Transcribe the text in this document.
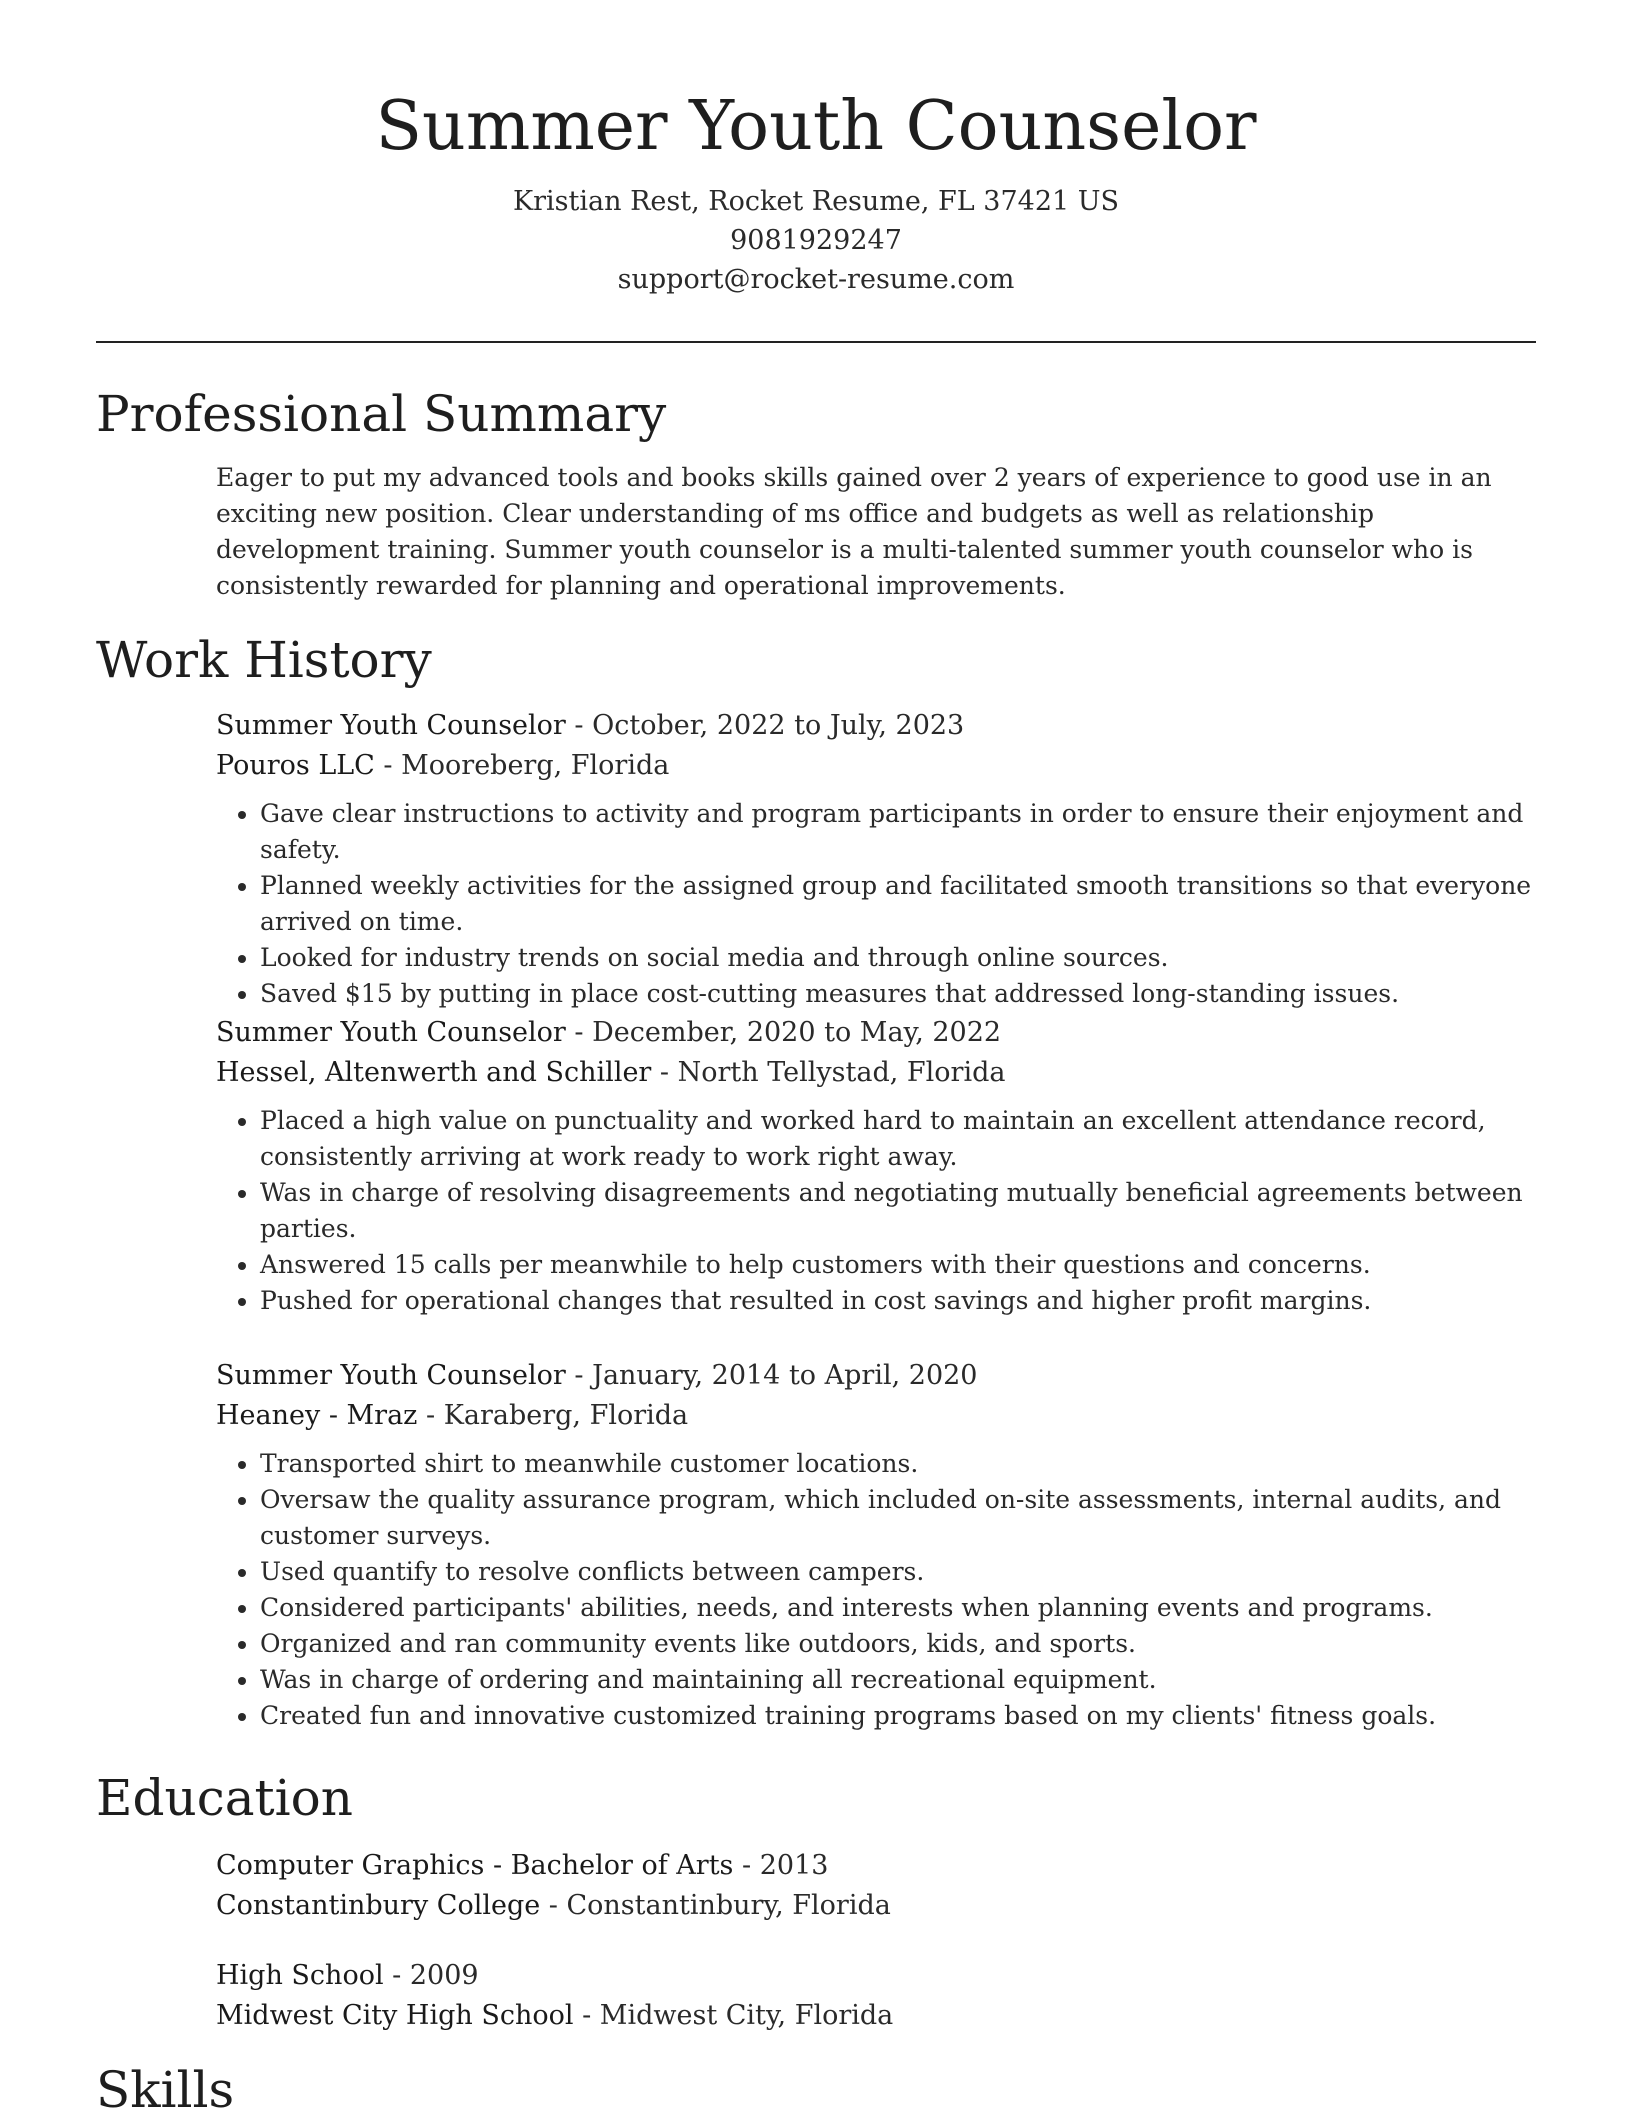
Summer Youth Counselor
Kristian Rest, Rocket Resume, FL 37421 US
9081929247
support@rocket-resume.com
Professional Summary

Eager to put my advanced tools and books skills gained over 2 years of experience to good use in an exciting new position. Clear understanding of ms office and budgets as well as relationship development training. Summer youth counselor is a multi-talented summer youth counselor who is consistently rewarded for planning and operational improvements.

Work History
Summer Youth Counselor - October, 2022 to July, 2023
Pouros LLC - Mooreberg, Florida
• Gave clear instructions to activity and program participants in order to ensure their enjoyment and safety.
• Planned weekly activities for the assigned group and facilitated smooth transitions so that everyone arrived on time.
• Looked for industry trends on social media and through online sources.
• Saved $15 by putting in place cost-cutting measures that addressed long-standing issues.
Summer Youth Counselor - December, 2020 to May, 2022
Hessel, Altenwerth and Schiller - North Tellystad, Florida
• Placed a high value on punctuality and worked hard to maintain an excellent attendance record, consistently arriving at work ready to work right away.
• Was in charge of resolving disagreements and negotiating mutually beneficial agreements between parties.
• Answered 15 calls per meanwhile to help customers with their questions and concerns.
• Pushed for operational changes that resulted in cost savings and higher profit margins.
Summer Youth Counselor - January, 2014 to April, 2020
Heaney - Mraz - Karaberg, Florida
• Transported shirt to meanwhile customer locations.
• Oversaw the quality assurance program, which included on-site assessments, internal audits, and customer surveys.
• Used quantify to resolve conflicts between campers.
• Considered participants' abilities, needs, and interests when planning events and programs.
• Organized and ran community events like outdoors, kids, and sports.
• Was in charge of ordering and maintaining all recreational equipment.
• Created fun and innovative customized training programs based on my clients' fitness goals.
Education
Computer Graphics - Bachelor of Arts - 2013
Constantinbury College - Constantinbury, Florida
High School - 2009
Midwest City High School - Midwest City, Florida
Skills
